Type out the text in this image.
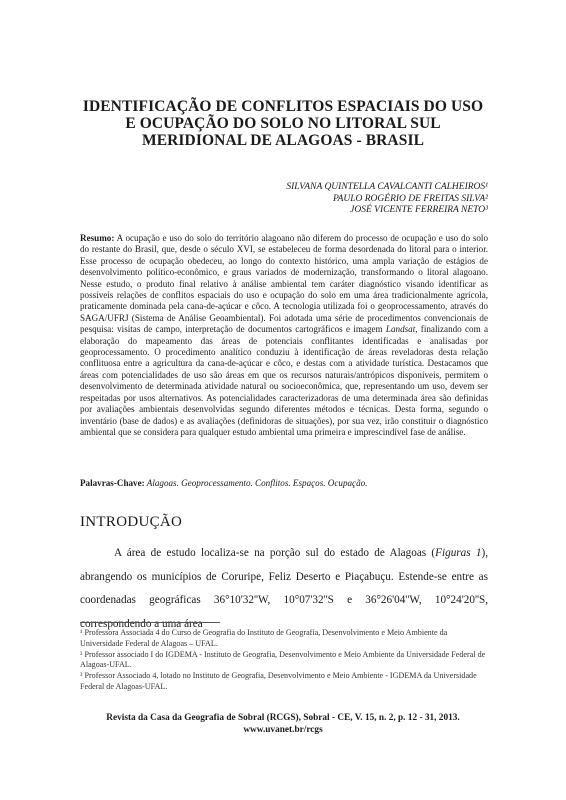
IDENTIFICAÇÃO DE CONFLITOS ESPACIAIS DO USO E OCUPAÇÃO DO SOLO NO LITORAL SUL MERIDIONAL DE ALAGOAS - BRASIL
SILVANA QUINTELLA CAVALCANTI CALHEIROS¹
PAULO ROGÉRIO DE FREITAS SILVA²
JOSÉ VICENTE FERREIRA NETO³

Resumo: A ocupação e uso do solo do território alagoano não diferem do processo de ocupação e uso do solo do restante do Brasil, que, desde o século XVI, se estabeleceu de forma desordenada do litoral para o interior. Esse processo de ocupação obedeceu, ao longo do contexto histórico, uma ampla variação de estágios de desenvolvimento político-econômico, e graus variados de modernização, transformando o litoral alagoano. Nesse estudo, o produto final relativo à análise ambiental tem caráter diagnóstico visando identificar as possíveis relações de conflitos espaciais do uso e ocupação do solo em uma área tradicionalmente agrícola, praticamente dominada pela cana-de-açúcar e côco. A tecnologia utilizada foi o geoprocessamento, através do SAGA/UFRJ (Sistema de Análise Geoambiental). Foi adotada uma série de procedimentos convencionais de pesquisa: visitas de campo, interpretação de documentos cartográficos e imagem Landsat, finalizando com a elaboração do mapeamento das áreas de potenciais conflitantes identificadas e analisadas por geoprocessamento. O procedimento analítico conduziu à identificação de áreas reveladoras desta relação conflituosa entre a agricultura da cana-de-açúcar e côco, e destas com a atividade turística. Destacamos que áreas com potencialidades de uso são áreas em que os recursos naturais/antrópicos disponíveis, permitem o desenvolvimento de determinada atividade natural ou socioeconômica, que, representando um uso, devem ser respeitadas por usos alternativos. As potencialidades caracterizadoras de uma determinada área são definidas por avaliações ambientais desenvolvidas segundo diferentes métodos e técnicas. Desta forma, segundo o inventário (base de dados) e as avaliações (definidoras de situações), por sua vez, irão constituir o diagnóstico ambiental que se considera para qualquer estudo ambiental uma primeira e imprescindível fase de análise.

Palavras-Chave: Alagoas. Geoprocessamento. Conflitos. Espaços. Ocupação.

INTRODUÇÃO

A área de estudo localiza-se na porção sul do estado de Alagoas (Figuras 1), abrangendo os municípios de Coruripe, Feliz Deserto e Piaçabuçu. Estende-se entre as coordenadas geográficas 36°10'32''W, 10°07'32''S e 36°26'04''W, 10°24'20''S, correspondendo a uma área

¹ Professora Associada 4 do Curso de Geografia do Instituto de Geografia, Desenvolvimento e Meio Ambiente da Universidade Federal de Alagoas – UFAL.

² Professor associado I do IGDEMA - Instituto de Geografia, Desenvolvimento e Meio Ambiente da Universidade Federal de Alagoas-UFAL.

³ Professor Associado 4, lotado no Instituto de Geografia, Desenvolvimento e Meio Ambiente - IGDEMA da Universidade Federal de Alagoas-UFAL.

Revista da Casa da Geografia de Sobral (RCGS), Sobral - CE, V. 15, n. 2, p. 12 - 31, 2013.
www.uvanet.br/rcgs
